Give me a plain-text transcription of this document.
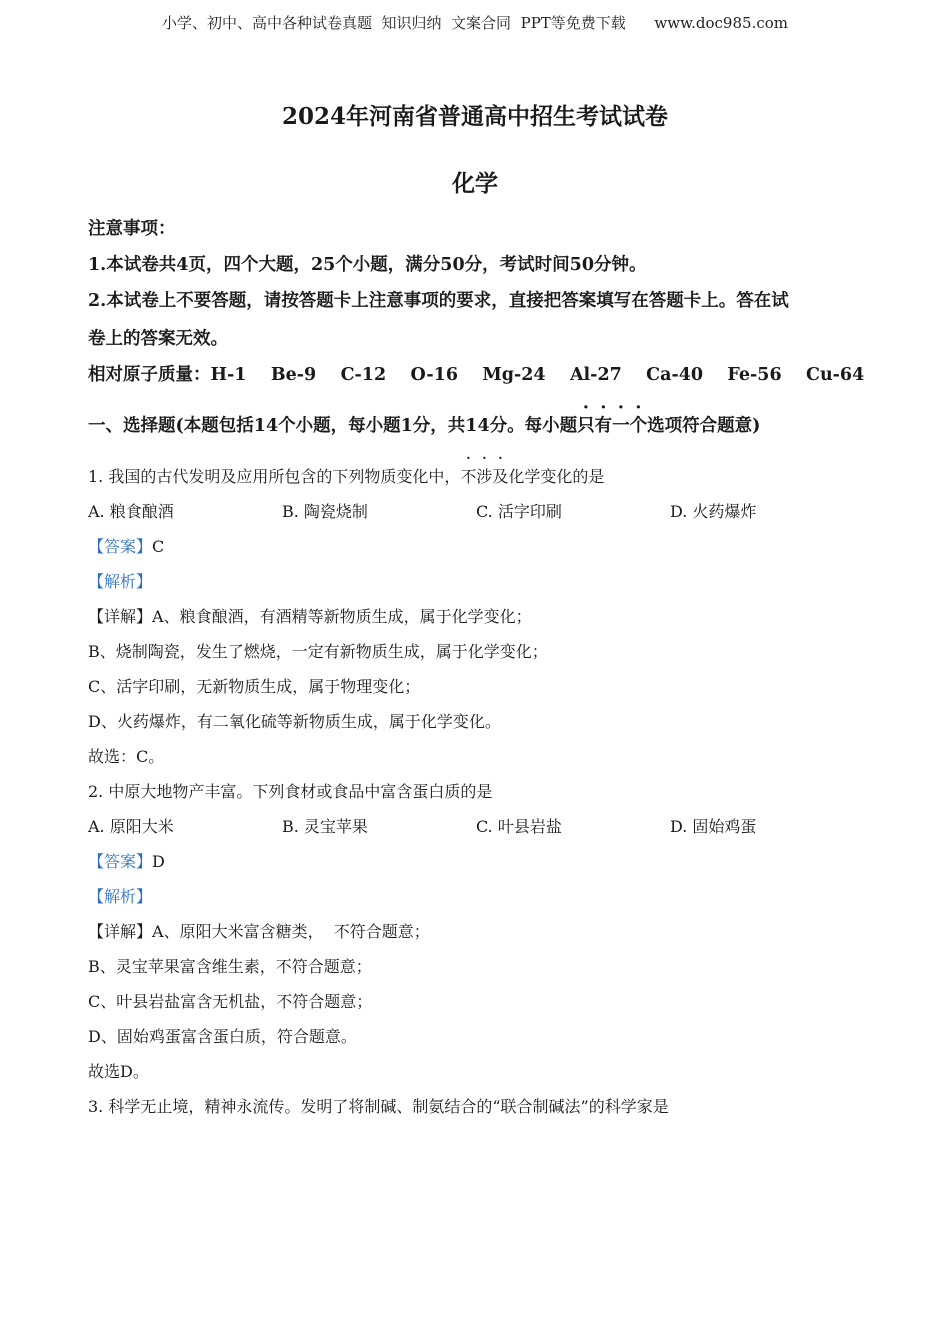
小学、初中、高中各种试卷真题  知识归纳  文案合同  PPT等免费下载      www.doc985.com
2024年河南省普通高中招生考试试卷
化学
注意事项：
1.本试卷共4页，四个大题，25个小题，满分50分，考试时间50分钟。
2.本试卷上不要答题，请按答题卡上注意事项的要求，直接把答案填写在答题卡上。答在试
卷上的答案无效。
相对原子质量：H-1    Be-9    C-12    O-16    Mg-24    Al-27    Ca-40    Fe-56    Cu-64
一、选择题(本题包括14个小题，每小题1分，共14分。每小题只有一个选项符合题意)
1. 我国的古代发明及应用所包含的下列物质变化中，不涉及化学变化的是
A. 粮食酿酒	B. 陶瓷烧制	C. 活字印刷	D. 火药爆炸
【答案】C
【解析】
【详解】A、粮食酿酒，有酒精等新物质生成，属于化学变化；
B、烧制陶瓷，发生了燃烧，一定有新物质生成，属于化学变化；
C、活字印刷，无新物质生成，属于物理变化；
D、火药爆炸，有二氧化硫等新物质生成，属于化学变化。
故选：C。
2. 中原大地物产丰富。下列食材或食品中富含蛋白质的是
A. 原阳大米	B. 灵宝苹果	C. 叶县岩盐	D. 固始鸡蛋
【答案】D
【解析】
【详解】A、原阳大米富含糖类，  不符合题意；
B、灵宝苹果富含维生素，不符合题意；
C、叶县岩盐富含无机盐，不符合题意；
D、固始鸡蛋富含蛋白质，符合题意。
故选D。
3. 科学无止境，精神永流传。发明了将制碱、制氨结合的“联合制碱法”的科学家是
